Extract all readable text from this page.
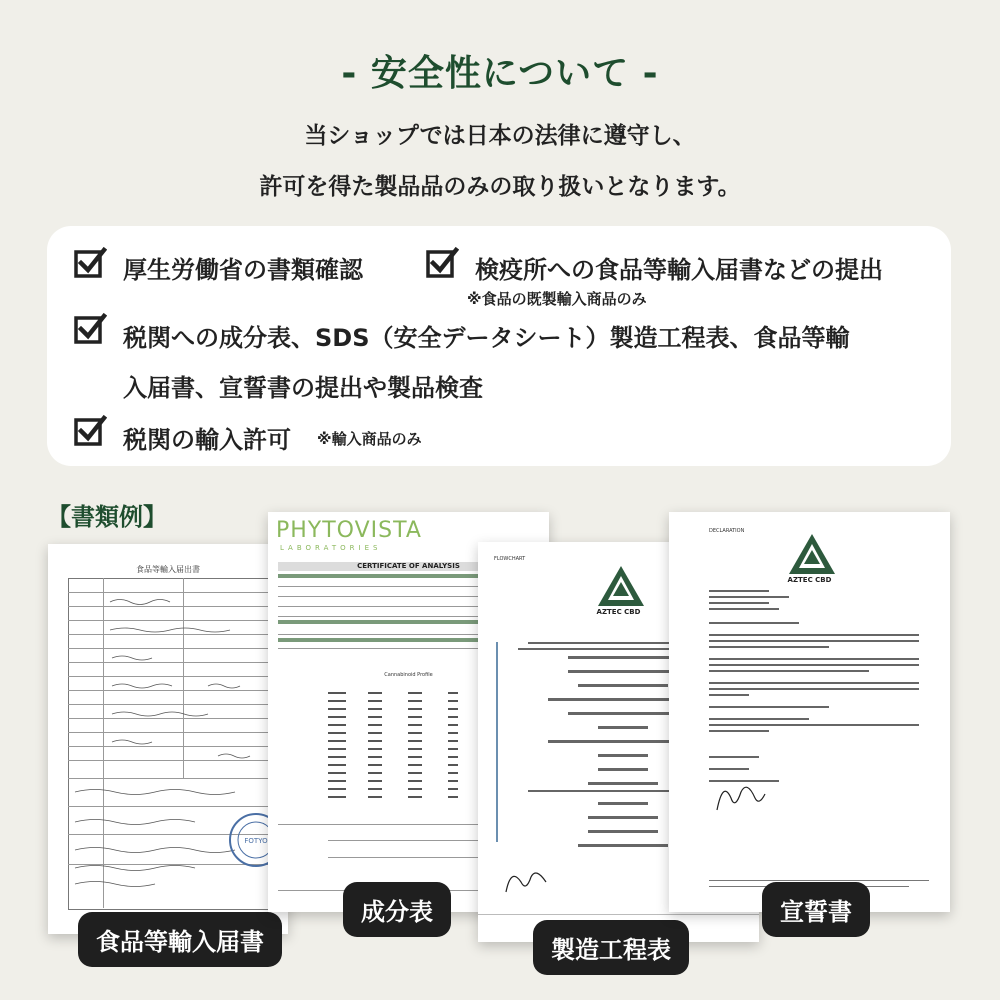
- 安全性について -
当ショップでは日本の法律に遵守し、
許可を得た製品品のみの取り扱いとなります。
厚生労働省の書類確認	検疫所への食品等輸入届書などの提出
※食品の既製輸入商品のみ
税関への成分表、SDS（安全データシート）製造工程表、食品等輸
入届書、宣誓書の提出や製品検査
税関の輸入許可 ※輸入商品のみ
【書類例】
食品等輸入届出書
FOTYO
食品等輸入届書
PHYTOVISTA
LABORATORIES
CERTIFICATE OF ANALYSIS
Cannabinoid Profile
成分表
FLOWCHART
AZTEC CBD
製造工程表
DECLARATION
AZTEC CBD
宣誓書
